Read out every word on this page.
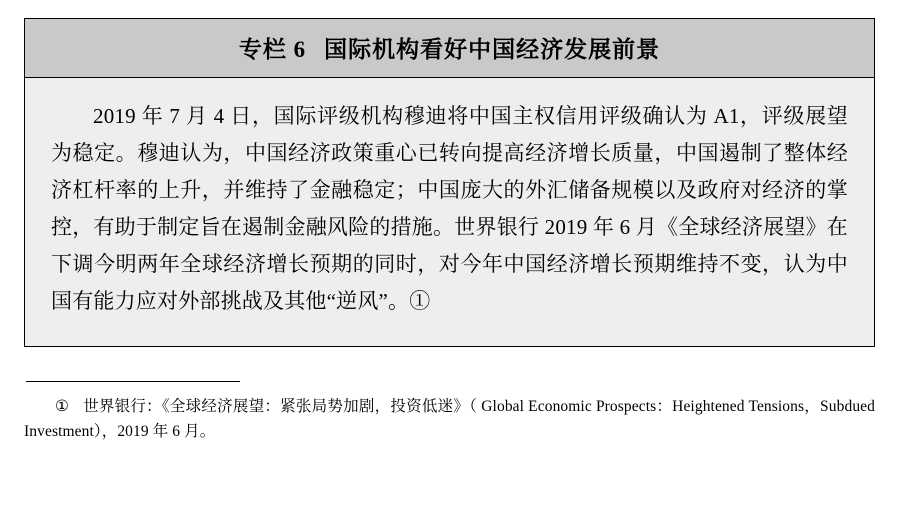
专栏 6 国际机构看好中国经济发展前景

2019 年 7 月 4 日，国际评级机构穆迪将中国主权信用评级确认为 A1，评级展望为稳定。穆迪认为，中国经济政策重心已转向提高经济增长质量，中国遏制了整体经济杠杆率的上升，并维持了金融稳定；中国庞大的外汇储备规模以及政府对经济的掌控，有助于制定旨在遏制金融风险的措施。世界银行 2019 年 6 月《全球经济展望》在下调今明两年全球经济增长预期的同时，对今年中国经济增长预期维持不变，认为中国有能力应对外部挑战及其他“逆风”。①

① 世界银行：《全球经济展望：紧张局势加剧，投资低迷》（ Global Economic Prospects：Heightened Tensions，Subdued Investment），2019 年 6 月。
